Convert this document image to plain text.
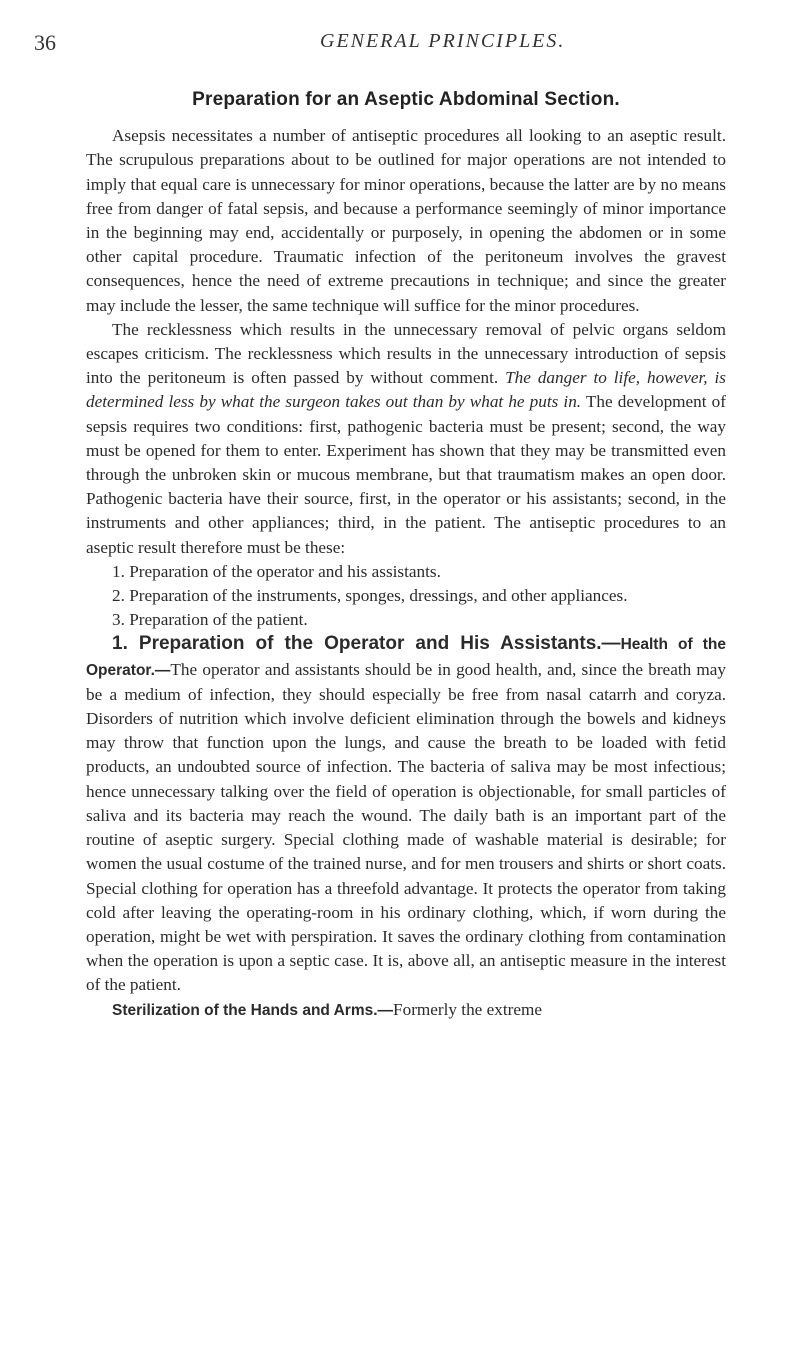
36	GENERAL PRINCIPLES.
Preparation for an Aseptic Abdominal Section.

Asepsis necessitates a number of antiseptic procedures all looking to an aseptic result. The scrupulous preparations about to be outlined for major operations are not intended to imply that equal care is unnecessary for minor operations, because the latter are by no means free from danger of fatal sepsis, and because a performance seemingly of minor importance in the beginning may end, accidentally or purposely, in opening the abdomen or in some other capital procedure. Traumatic infection of the peritoneum involves the gravest consequences, hence the need of extreme precautions in technique; and since the greater may include the lesser, the same technique will suffice for the minor procedures.

The recklessness which results in the unnecessary removal of pelvic organs seldom escapes criticism. The recklessness which results in the unnecessary introduction of sepsis into the peritoneum is often passed by without comment. The danger to life, however, is determined less by what the surgeon takes out than by what he puts in. The development of sepsis requires two conditions: first, pathogenic bacteria must be present; second, the way must be opened for them to enter. Experiment has shown that they may be transmitted even through the unbroken skin or mucous membrane, but that traumatism makes an open door. Pathogenic bacteria have their source, first, in the operator or his assistants; second, in the instruments and other appliances; third, in the patient. The antiseptic procedures to an aseptic result therefore must be these:

1. Preparation of the operator and his assistants.
2. Preparation of the instruments, sponges, dressings, and other appliances.
3. Preparation of the patient.

1. Preparation of the Operator and His Assistants.—Health of the Operator.—The operator and assistants should be in good health, and, since the breath may be a medium of infection, they should especially be free from nasal catarrh and coryza. Disorders of nutrition which involve deficient elimination through the bowels and kidneys may throw that function upon the lungs, and cause the breath to be loaded with fetid products, an undoubted source of infection. The bacteria of saliva may be most infectious; hence unnecessary talking over the field of operation is objectionable, for small particles of saliva and its bacteria may reach the wound. The daily bath is an important part of the routine of aseptic surgery. Special clothing made of washable material is desirable; for women the usual costume of the trained nurse, and for men trousers and shirts or short coats. Special clothing for operation has a threefold advantage. It protects the operator from taking cold after leaving the operating-room in his ordinary clothing, which, if worn during the operation, might be wet with perspiration. It saves the ordinary clothing from contamination when the operation is upon a septic case. It is, above all, an antiseptic measure in the interest of the patient.

Sterilization of the Hands and Arms.—Formerly the extreme
